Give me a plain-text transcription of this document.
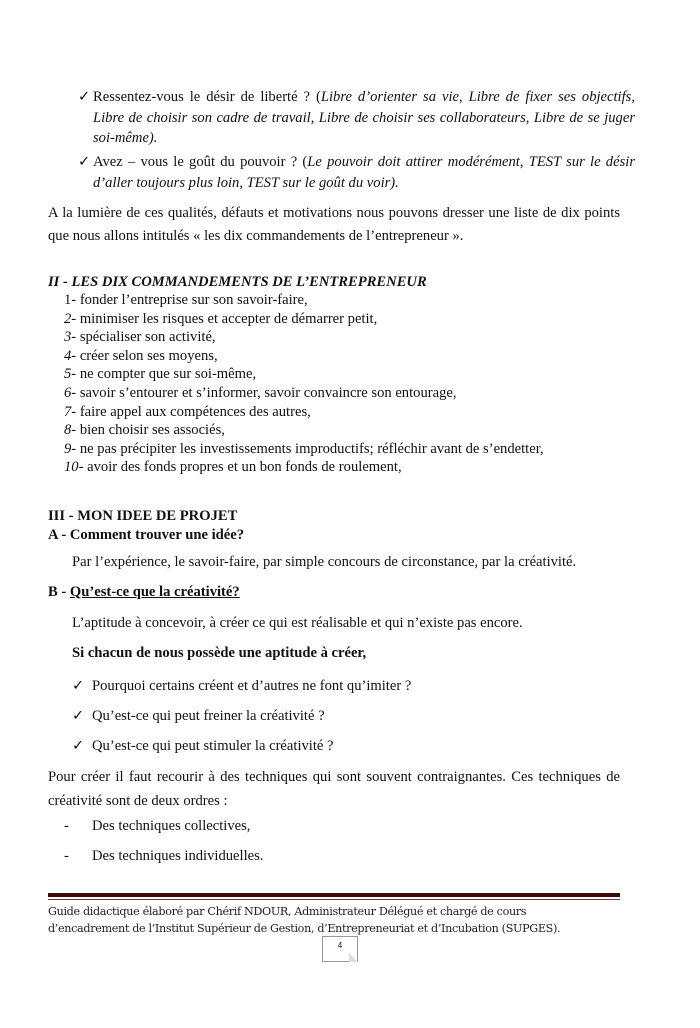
✓ Ressentez-vous le désir de liberté ? (Libre d’orienter sa vie, Libre de fixer ses objectifs, Libre de choisir son cadre de travail, Libre de choisir ses collaborateurs, Libre de se juger soi-même).
✓ Avez – vous le goût du pouvoir ? (Le pouvoir doit attirer modérément, TEST sur le désir d’aller toujours plus loin, TEST sur le goût du voir).
A la lumière de ces qualités, défauts et motivations nous pouvons dresser une liste de dix points que nous allons intitulés « les dix commandements de l’entrepreneur ».
II - LES DIX COMMANDEMENTS DE L’ENTREPRENEUR
1- fonder l’entreprise sur son savoir-faire,
2- minimiser les risques et accepter de démarrer petit,
3- spécialiser son activité,
4- créer selon ses moyens,
5- ne compter que sur soi-même,
6- savoir s’entourer et s’informer, savoir convaincre son entourage,
7- faire appel aux compétences des autres,
8- bien choisir ses associés,
9- ne pas précipiter les investissements improductifs; réfléchir avant de s’endetter,
10- avoir des fonds propres et un bon fonds de roulement,
III - MON IDEE DE PROJET
A - Comment trouver une idée?
Par l’expérience, le savoir-faire, par simple concours de circonstance, par la créativité.
B - Qu’est-ce que la créativité?
L’aptitude à concevoir, à créer ce qui est réalisable et qui n’existe pas encore.
Si chacun de nous possède une aptitude à créer,
✓ Pourquoi certains créent et d’autres ne font qu’imiter ?
✓ Qu’est-ce qui peut freiner la créativité ?
✓ Qu’est-ce qui peut stimuler la créativité ?
Pour créer il faut recourir à des techniques qui sont souvent contraignantes. Ces techniques de créativité sont de deux ordres :
- Des techniques collectives,
- Des techniques individuelles.
Guide didactique élaboré par Chérif NDOUR, Administrateur Délégué et chargé de cours
d’encadrement de l’Institut Supérieur de Gestion, d’Entrepreneuriat et d’Incubation (SUPGES).
4
